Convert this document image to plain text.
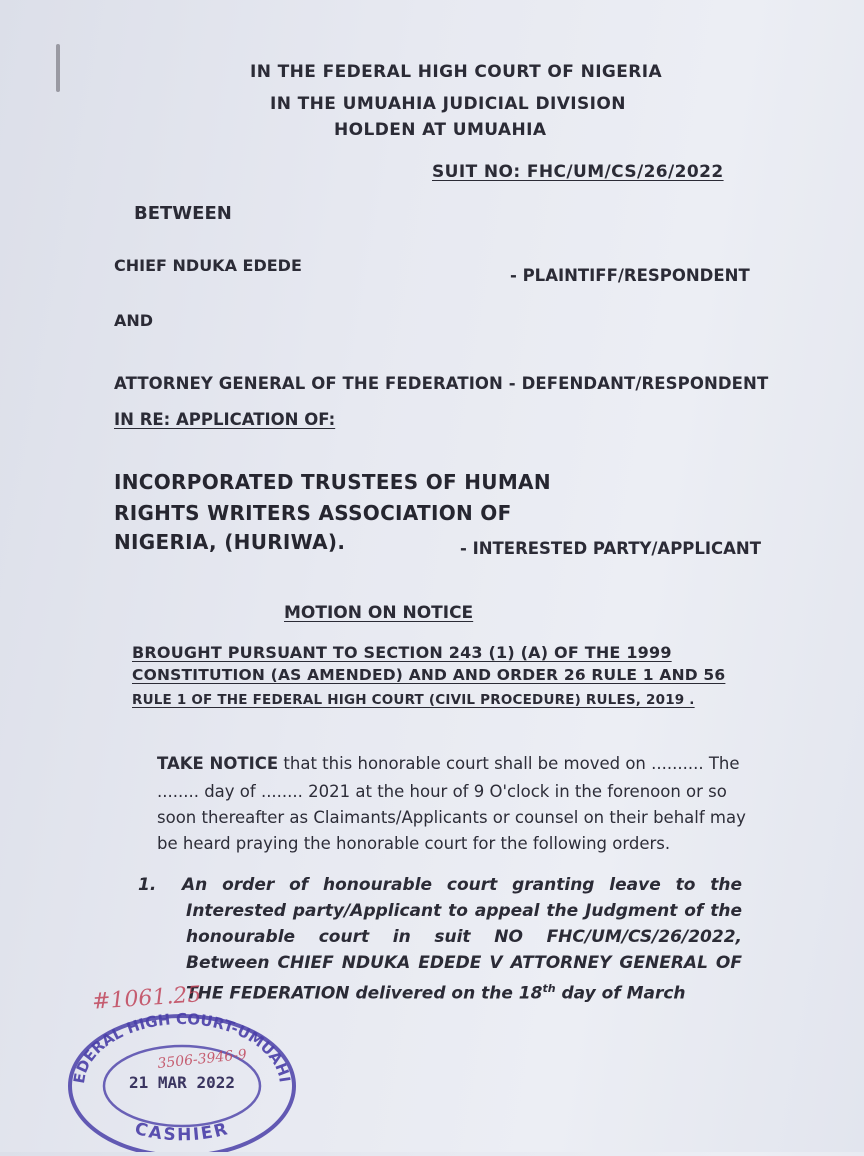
IN THE FEDERAL HIGH COURT OF NIGERIA
IN THE UMUAHIA JUDICIAL DIVISION
HOLDEN AT UMUAHIA
SUIT NO: FHC/UM/CS/26/2022
BETWEEN
CHIEF NDUKA EDEDE
- PLAINTIFF/RESPONDENT
AND
ATTORNEY GENERAL OF THE FEDERATION - DEFENDANT/RESPONDENT
IN RE: APPLICATION OF:
INCORPORATED TRUSTEES OF HUMAN
RIGHTS WRITERS ASSOCIATION OF
NIGERIA, (HURIWA).	- INTERESTED PARTY/APPLICANT
MOTION ON NOTICE
BROUGHT PURSUANT TO SECTION 243 (1) (A) OF THE 1999
CONSTITUTION (AS AMENDED) AND AND ORDER 26 RULE 1 AND 56
RULE 1 OF THE FEDERAL HIGH COURT (CIVIL PROCEDURE) RULES, 2019 .
TAKE NOTICE that this honorable court shall be moved on .......... The
........ day of ........ 2021 at the hour of 9 O'clock in the forenoon or so
soon thereafter as Claimants/Applicants or counsel on their behalf may
be heard praying the honorable court for the following orders.
1. An order of honourable court granting leave to the
Interested party/Applicant to appeal the Judgment of the
honourable court in suit NO FHC/UM/CS/26/2022,
Between CHIEF NDUKA EDEDE V ATTORNEY GENERAL OF
THE FEDERATION delivered on the 18th day of March
EDERAL HIGH COURT-UMUAHI
CASHIER
21 MAR 2022
3506-3946-9
#1061.25
